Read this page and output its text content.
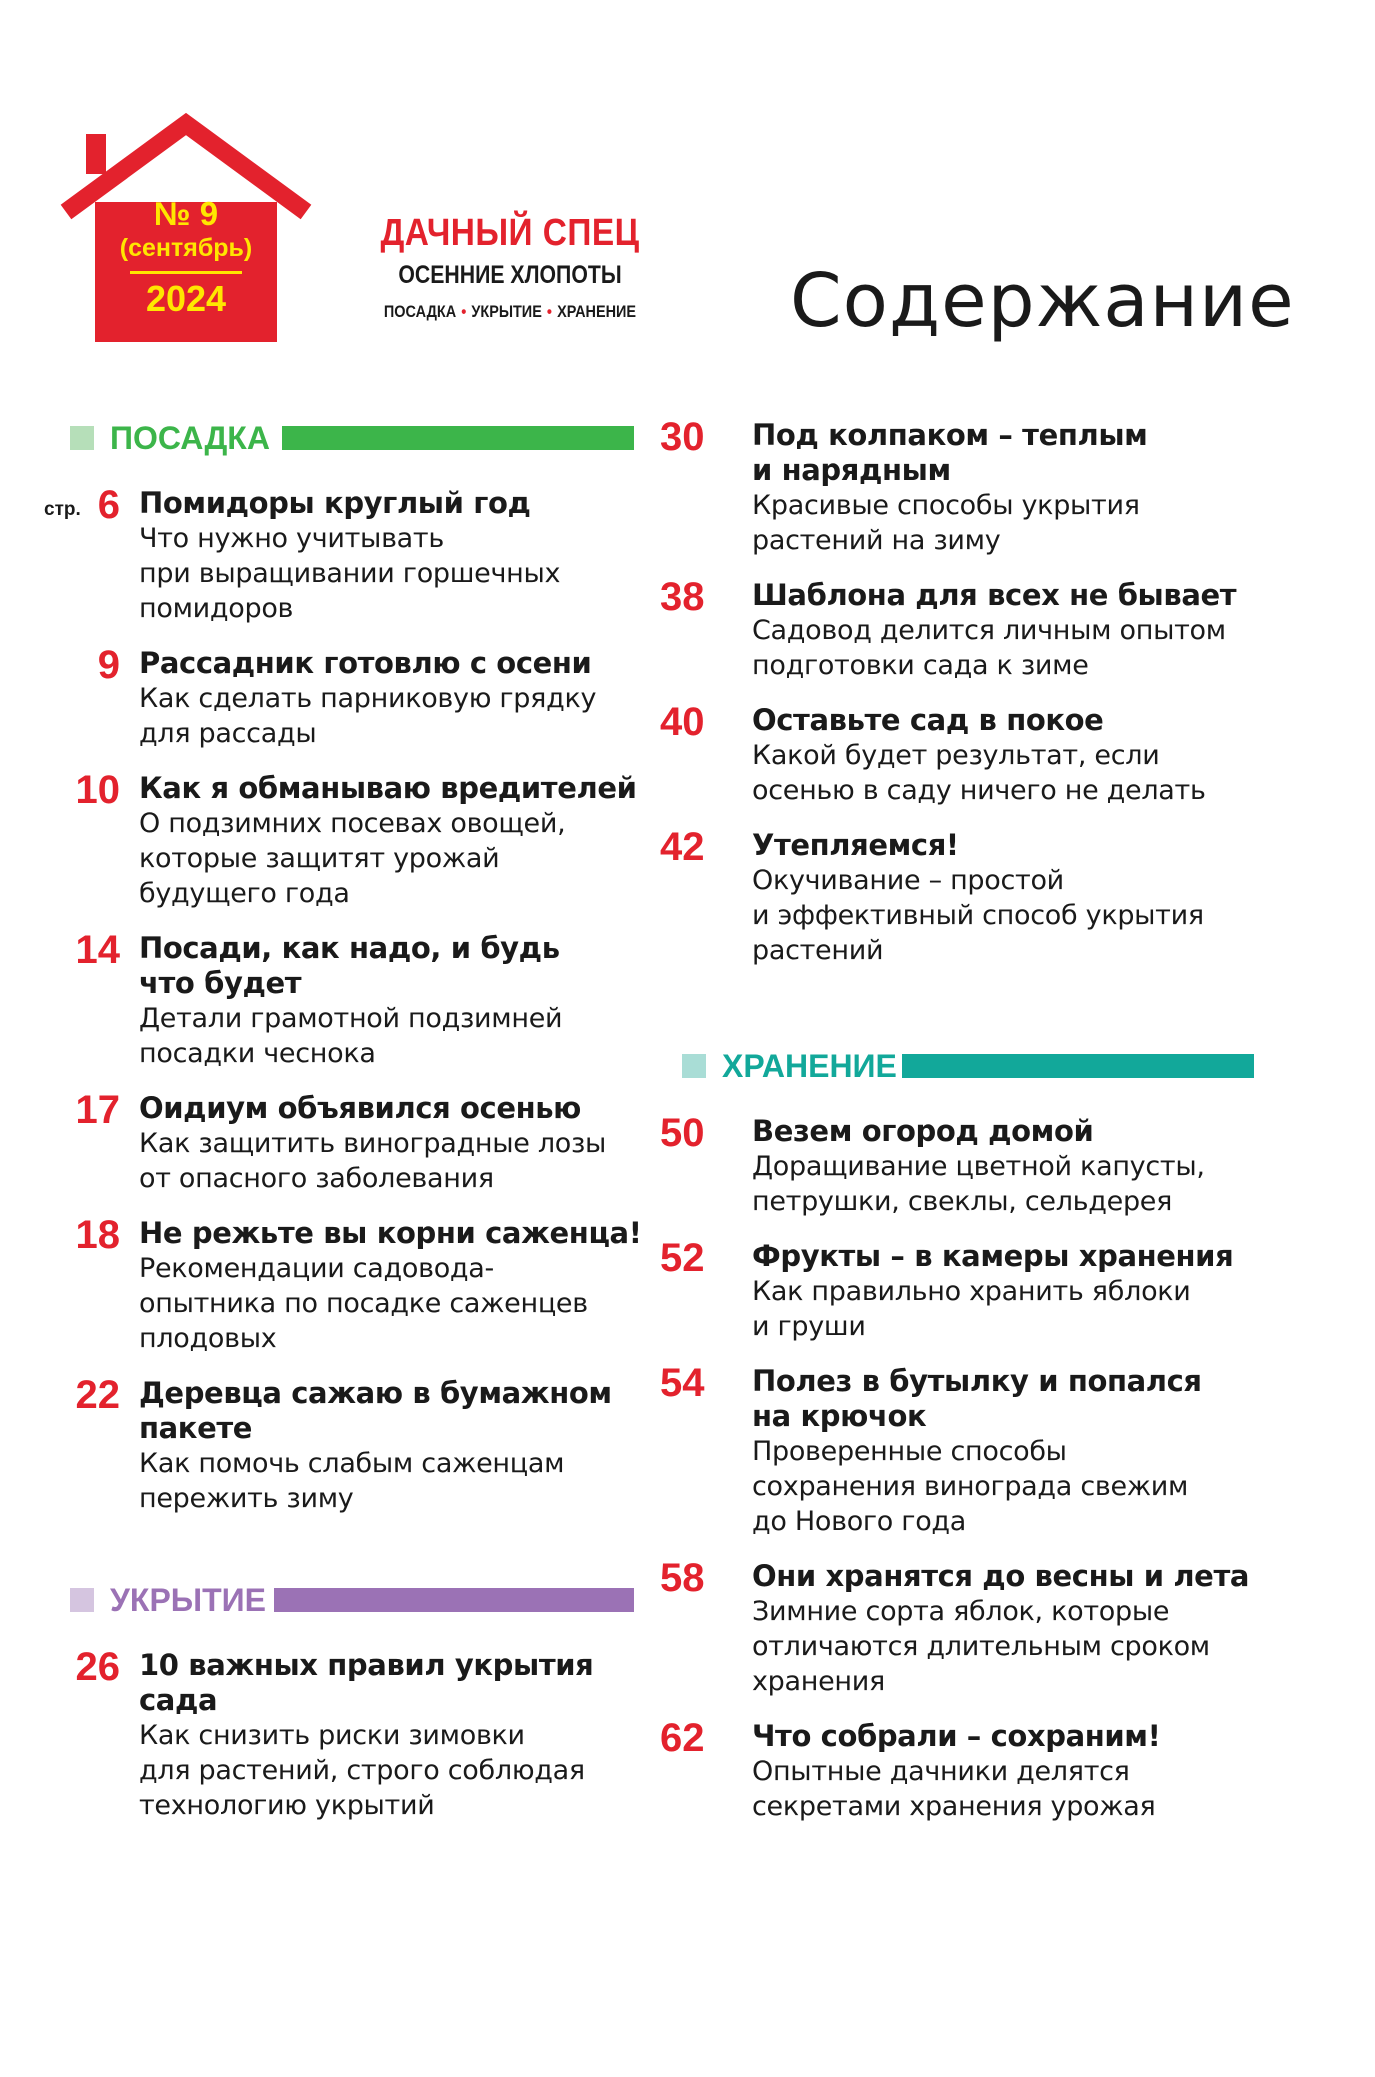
№ 9
(сентябрь)
2024
ДАЧНЫЙ СПЕЦ
ОСЕННИЕ ХЛОПОТЫ
ПОСАДКА • УКРЫТИЕ • ХРАНЕНИЕ Содержание
ПОСАДКА
стр. 6 Помидоры круглый год
Что нужно учитывать
при выращивании горшечных
помидоров
9 Рассадник готовлю с осени
Как сделать парниковую грядку
для рассады
10 Как я обманываю вредителей
О подзимних посевах овощей,
которые защитят урожай
будущего года
14 Посади, как надо, и будь
что будет
Детали грамотной подзимней
посадки чеснока
17 Оидиум объявился осенью
Как защитить виноградные лозы
от опасного заболевания
18 Не режьте вы корни саженца!
Рекомендации садовода-
опытника по посадке саженцев
плодовых
22 Деревца сажаю в бумажном
пакете
Как помочь слабым саженцам
пережить зиму
УКРЫТИЕ
26 10 важных правил укрытия
сада
Как снизить риски зимовки
для растений, строго соблюдая
технологию укрытий
30	Под колпаком – теплым
и нарядным
Красивые способы укрытия
растений на зиму
38	Шаблона для всех не бывает
Садовод делится личным опытом
подготовки сада к зиме
40	Оставьте сад в покое
Какой будет результат, если
осенью в саду ничего не делать
42	Утепляемся!
Окучивание – простой
и эффективный способ укрытия
растений
ХРАНЕНИЕ
50	Везем огород домой
Доращивание цветной капусты,
петрушки, свеклы, сельдерея
52	Фрукты – в камеры хранения
Как правильно хранить яблоки
и груши
54	Полез в бутылку и попался
на крючок
Проверенные способы
сохранения винограда свежим
до Нового года
58	Они хранятся до весны и лета
Зимние сорта яблок, которые
отличаются длительным сроком
хранения
62	Что собрали – сохраним!
Опытные дачники делятся
секретами хранения урожая
